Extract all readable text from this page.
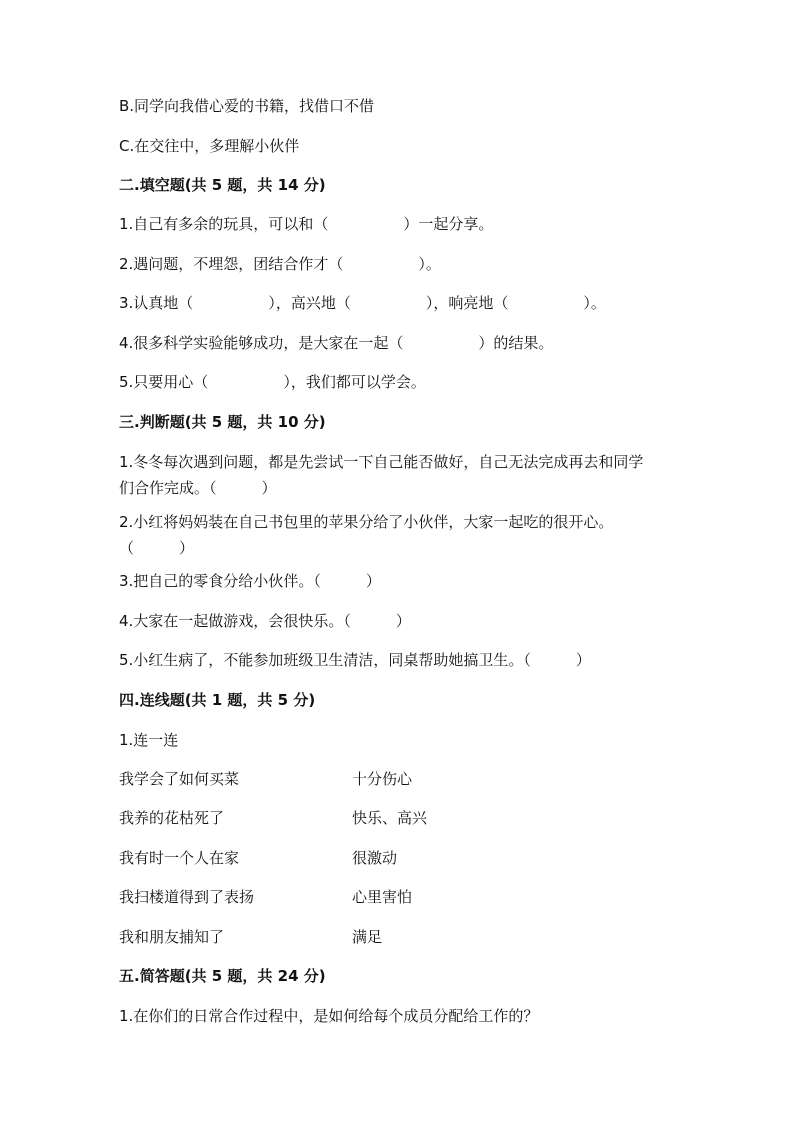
B.同学向我借心爱的书籍，找借口不借
C.在交往中，多理解小伙伴
二.填空题(共 5 题，共 14 分)
1.自己有多余的玩具，可以和（　　　　　）一起分享。
2.遇问题，不埋怨，团结合作才（　　　　　）。
3.认真地（　　　　　），高兴地（　　　　　），响亮地（　　　　　）。
4.很多科学实验能够成功，是大家在一起（　　　　　）的结果。
5.只要用心（　　　　　），我们都可以学会。
三.判断题(共 5 题，共 10 分)
1.冬冬每次遇到问题，都是先尝试一下自己能否做好，自己无法完成再去和同学们合作完成。（　　　）
2.小红将妈妈装在自己书包里的苹果分给了小伙伴，大家一起吃的很开心。（　　　）
3.把自己的零食分给小伙伴。（　　　）
4.大家在一起做游戏，会很快乐。（　　　）
5.小红生病了，不能参加班级卫生清洁，同桌帮助她搞卫生。（　　　）
四.连线题(共 1 题，共 5 分)
1.连一连
我学会了如何买菜	十分伤心
我养的花枯死了	快乐、高兴
我有时一个人在家	很激动
我扫楼道得到了表扬	心里害怕
我和朋友捕知了	满足
五.简答题(共 5 题，共 24 分)
1.在你们的日常合作过程中，是如何给每个成员分配给工作的？
